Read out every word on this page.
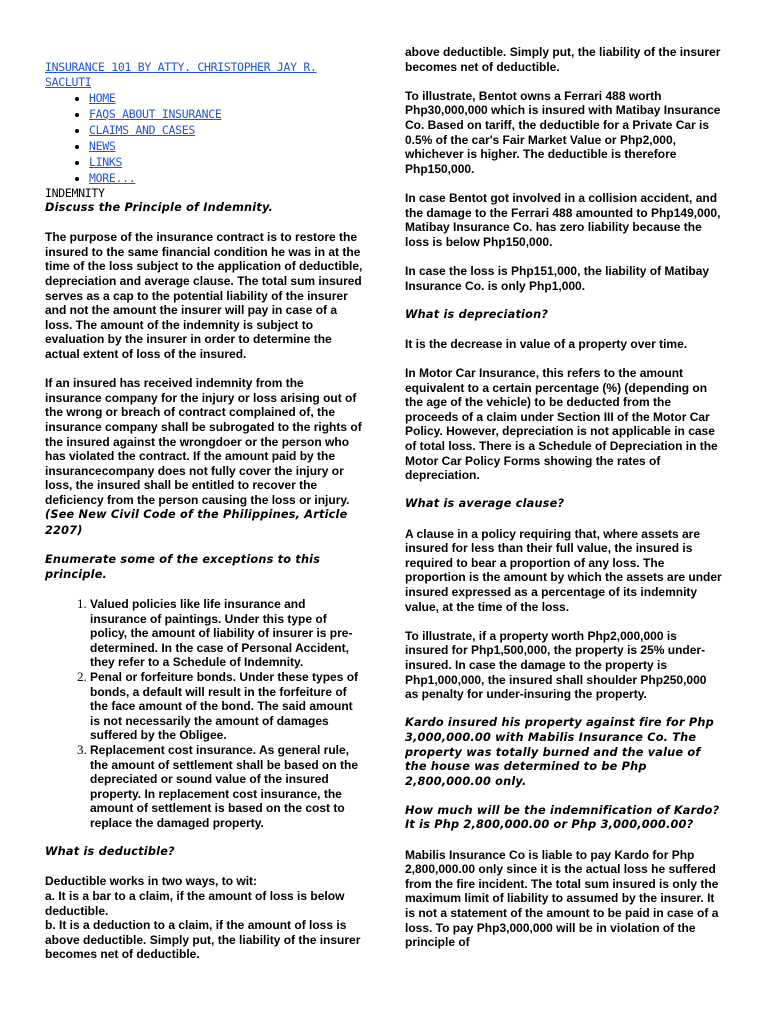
INSURANCE 101 BY ATTY. CHRISTOPHER JAY R. SACLUTI
• HOME
• FAQS ABOUT INSURANCE
• CLAIMS AND CASES
• NEWS
• LINKS
• MORE...
INDEMNITY

Discuss the Principle of Indemnity.

The purpose of the insurance contract is to restore the insured to the same financial condition he was in at the time of the loss subject to the application of deductible, depreciation and average clause. The total sum insured serves as a cap to the potential liability of the insurer and not the amount the insurer will pay in case of a loss. The amount of the indemnity is subject to evaluation by the insurer in order to determine the actual extent of loss of the insured.

If an insured has received indemnity from the insurance company for the injury or loss arising out of the wrong or breach of contract complained of, the insurance company shall be subrogated to the rights of the insured against the wrongdoer or the person who has violated the contract. If the amount paid by the insurancecompany does not fully cover the injury or loss, the insured shall be entitled to recover the deficiency from the person causing the loss or injury. (See New Civil Code of the Philippines, Article 2207)

Enumerate some of the exceptions to this principle.

1. Valued policies like life insurance and insurance of paintings. Under this type of policy, the amount of liability of insurer is pre-determined. In the case of Personal Accident, they refer to a Schedule of Indemnity.
2. Penal or forfeiture bonds. Under these types of bonds, a default will result in the forfeiture of the face amount of the bond. The said amount is not necessarily the amount of damages suffered by the Obligee.
3. Replacement cost insurance. As general rule, the amount of settlement shall be based on the depreciated or sound value of the insured property. In replacement cost insurance, the amount of settlement is based on the cost to replace the damaged property.

What is deductible?

Deductible works in two ways, to wit:
a. It is a bar to a claim, if the amount of loss is below deductible.
b. It is a deduction to a claim, if the amount of loss is above deductible. Simply put, the liability of the insurer becomes net of deductible.

above deductible. Simply put, the liability of the insurer becomes net of deductible.

To illustrate, Bentot owns a Ferrari 488 worth Php30,000,000 which is insured with Matibay Insurance Co. Based on tariff, the deductible for a Private Car is 0.5% of the car's Fair Market Value or Php2,000, whichever is higher. The deductible is therefore Php150,000.

In case Bentot got involved in a collision accident, and the damage to the Ferrari 488 amounted to Php149,000, Matibay Insurance Co. has zero liability because the loss is below Php150,000.

In case the loss is Php151,000, the liability of Matibay Insurance Co. is only Php1,000.

What is depreciation?

It is the decrease in value of a property over time.

In Motor Car Insurance, this refers to the amount equivalent to a certain percentage (%) (depending on the age of the vehicle) to be deducted from the proceeds of a claim under Section III of the Motor Car Policy. However, depreciation is not applicable in case of total loss. There is a Schedule of Depreciation in the Motor Car Policy Forms showing the rates of depreciation.

What is average clause?

A clause in a policy requiring that, where assets are insured for less than their full value, the insured is required to bear a proportion of any loss. The proportion is the amount by which the assets are under insured expressed as a percentage of its indemnity value, at the time of the loss.

To illustrate, if a property worth Php2,000,000 is insured for Php1,500,000, the property is 25% under-insured. In case the damage to the property is Php1,000,000, the insured shall shoulder Php250,000 as penalty for under-insuring the property.

Kardo insured his property against fire for Php 3,000,000.00 with Mabilis Insurance Co. The property was totally burned and the value of the house was determined to be Php 2,800,000.00 only.

How much will be the indemnification of Kardo? It is Php 2,800,000.00 or Php 3,000,000.00?

Mabilis Insurance Co is liable to pay Kardo for Php 2,800,000.00 only since it is the actual loss he suffered from the fire incident. The total sum insured is only the maximum limit of liability to assumed by the insurer. It is not a statement of the amount to be paid in case of a loss. To pay Php3,000,000 will be in violation of the principle of
